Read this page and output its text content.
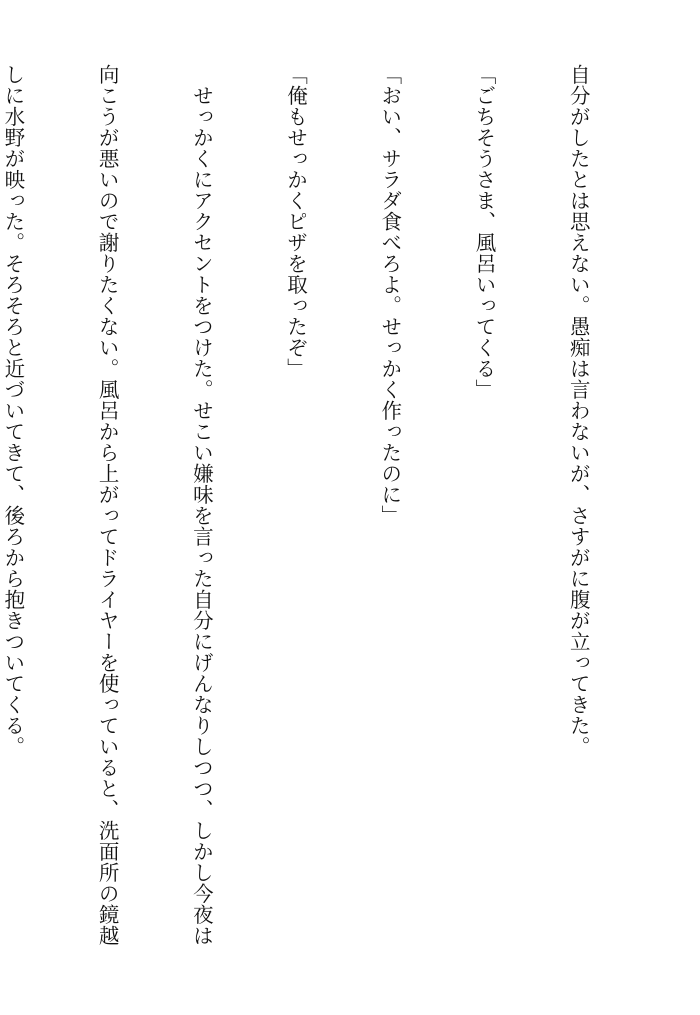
自分がしたとは思えない。愚痴は言わないが、さすがに腹が立ってきた。

「ごちそうさま、風呂いってくる」

「おい、サラダ食べろよ。せっかく作ったのに」

「俺もせっかくピザを取ったぞ」

　せっかくにアクセントをつけた。せこい嫌味を言った自分にげんなりしつつ、しかし今夜は

向こうが悪いので謝りたくない。風呂から上がってドライヤーを使っていると、洗面所の鏡越

しに水野が映った。そろそろと近づいてきて、後ろから抱きついてくる。
